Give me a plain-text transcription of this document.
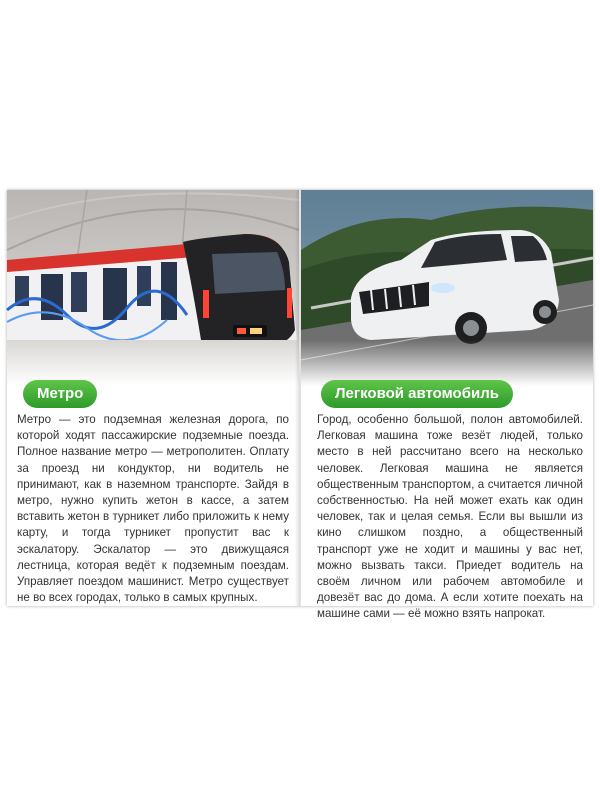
Метро

Метро — это подземная железная дорога, по которой ходят пассажирские подземные поезда. Полное название метро — метрополитен. Оплату за проезд ни кондуктор, ни водитель не принимают, как в наземном транспорте. Зайдя в метро, нужно купить жетон в кассе, а затем вставить жетон в турникет либо приложить к нему карту, и тогда турникет пропустит вас к эскалатору. Эскалатор — это движущаяся лестница, которая ведёт к подземным поездам. Управляет поездом машинист. Метро существует не во всех городах, только в самых крупных.

Легковой автомобиль

Город, особенно большой, полон автомобилей. Легковая машина тоже везёт людей, только место в ней рассчитано всего на несколько человек. Легковая машина не является общественным транспортом, а считается личной собственностью. На ней может ехать как один человек, так и целая семья. Если вы вышли из кино слишком поздно, а общественный транспорт уже не ходит и машины у вас нет, можно вызвать такси. Приедет водитель на своём личном или рабочем автомобиле и довезёт вас до дома. А если хотите поехать на машине сами — её можно взять напрокат.
